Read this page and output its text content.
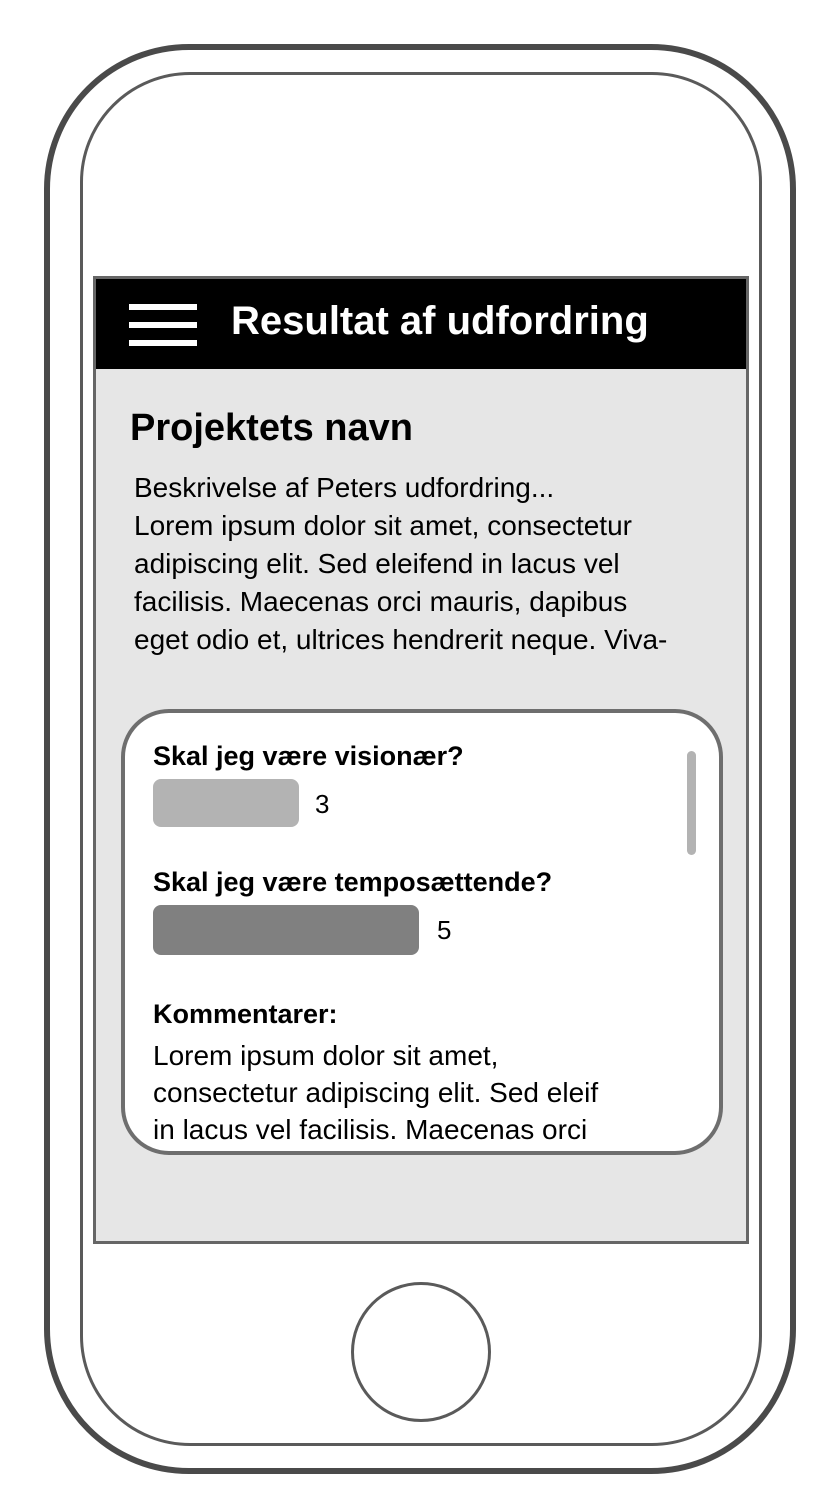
Resultat af udfordring
Projektets navn
Beskrivelse af Peters udfordring...
Lorem ipsum dolor sit amet, consectetur
adipiscing elit. Sed eleifend in lacus vel
facilisis. Maecenas orci mauris, dapibus
eget odio et, ultrices hendrerit neque. Viva-
Skal jeg være visionær?
3
Skal jeg være temposættende?
5
Kommentarer:
Lorem ipsum dolor sit amet,
consectetur adipiscing elit. Sed eleif
in lacus vel facilisis. Maecenas orci
